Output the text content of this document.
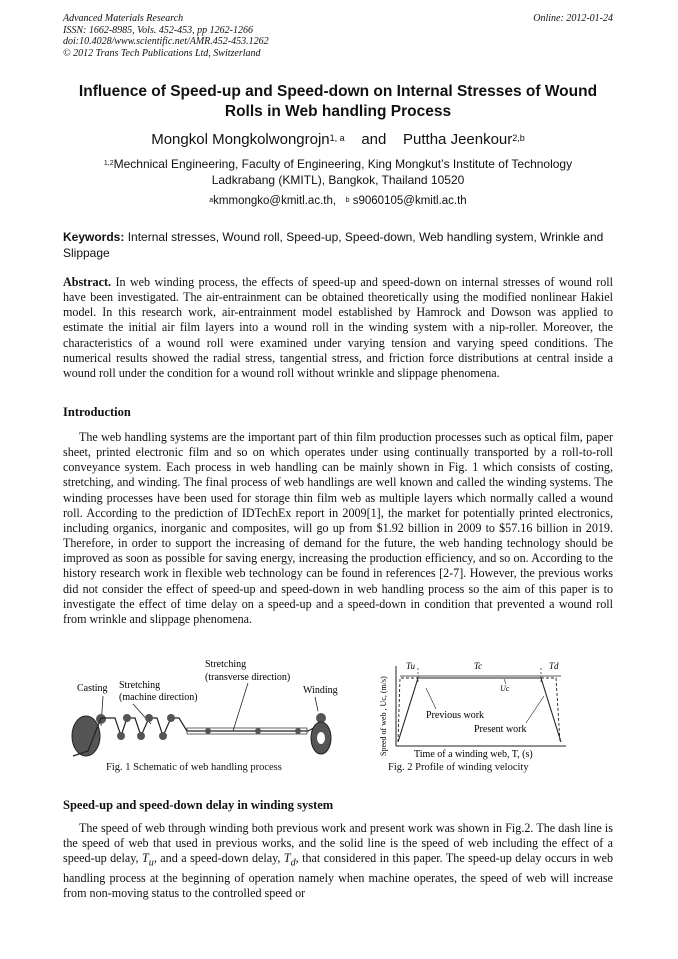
Advanced Materials Research
ISSN: 1662-8985, Vols. 452-453, pp 1262-1266
doi:10.4028/www.scientific.net/AMR.452-453.1262
© 2012 Trans Tech Publications Ltd, Switzerland
Online: 2012-01-24
Influence of Speed-up and Speed-down on Internal Stresses of Wound Rolls in Web handling Process
Mongkol Mongkolwongrojn$^{1, a}$ and Puttha Jeenkour$^{2,b}$
$^{1,2}$Mechnical Engineering, Faculty of Engineering, King Mongkut’s Institute of Technology
Ladkrabang (KMITL), Bangkok, Thailand 10520
$^a$kmmongko@kmitl.ac.th, $^b$ s9060105@kmitl.ac.th
Keywords: Internal stresses, Wound roll, Speed-up, Speed-down, Web handling system, Wrinkle and Slippage
Abstract. In web winding process, the effects of speed-up and speed-down on internal stresses of wound roll have been investigated. The air-entrainment can be obtained theoretically using the modified nonlinear Hakiel model. In this research work, air-entrainment model established by Hamrock and Dowson was applied to estimate the initial air film layers into a wound roll in the winding system with a nip-roller. Moreover, the characteristics of a wound roll were examined under varying tension and varying speed conditions. The numerical results showed the radial stress, tangential stress, and friction force distributions at central inside a wound roll under the condition for a wound roll without wrinkle and slippage phenomena.
Introduction
The web handling systems are the important part of thin film production processes such as optical film, paper sheet, printed electronic film and so on which operates under using continually transported by a roll-to-roll conveyance system. Each process in web handling can be mainly shown in Fig. 1 which consists of costing, stretching, and winding. The final process of web handlings are well known and called the winding systems. The winding processes have been used for storage thin film web as multiple layers which normally called a wound roll. According to the prediction of IDTechEx report in 2009[1], the market for potentially printed electronics, including organics, inorganic and composites, will go up from $1.92 billion in 2009 to $57.16 billion in 2019. Therefore, in order to support the increasing of demand for the future, the web handing technology should be improved as soon as possible for saving energy, increasing the production efficiency, and so on. According to the history research work in flexible web technology can be found in references [2-7]. However, the previous works did not consider the effect of speed-up and speed-down in web handling process so the aim of this paper is to investigate the effect of time delay on a speed-up and a speed-down in condition that prevented a wound roll from wrinkle and slippage phenomena.
Casting Stretching
(machine direction)
Stretching
(transverse direction)
Winding
Fig. 1 Schematic of web handling process
Speed of web , Uc, (m/s)	Time of a winding web, T, (s)
Tu	Tc	Td
Uc
Previous work
Present work
Fig. 2 Profile of winding velocity
Speed-up and speed-down delay in winding system
The speed of web through winding both previous work and present work was shown in Fig.2. The dash line is the speed of web that used in previous works, and the solid line is the speed of web including the effect of a speed-up delay, $T_u$, and a speed-down delay, $T_d$, that considered in this paper. The speed-up delay occurs in web handling process at the beginning of operation namely when machine operates, the speed of web will increase from non-moving status to the controlled speed or
